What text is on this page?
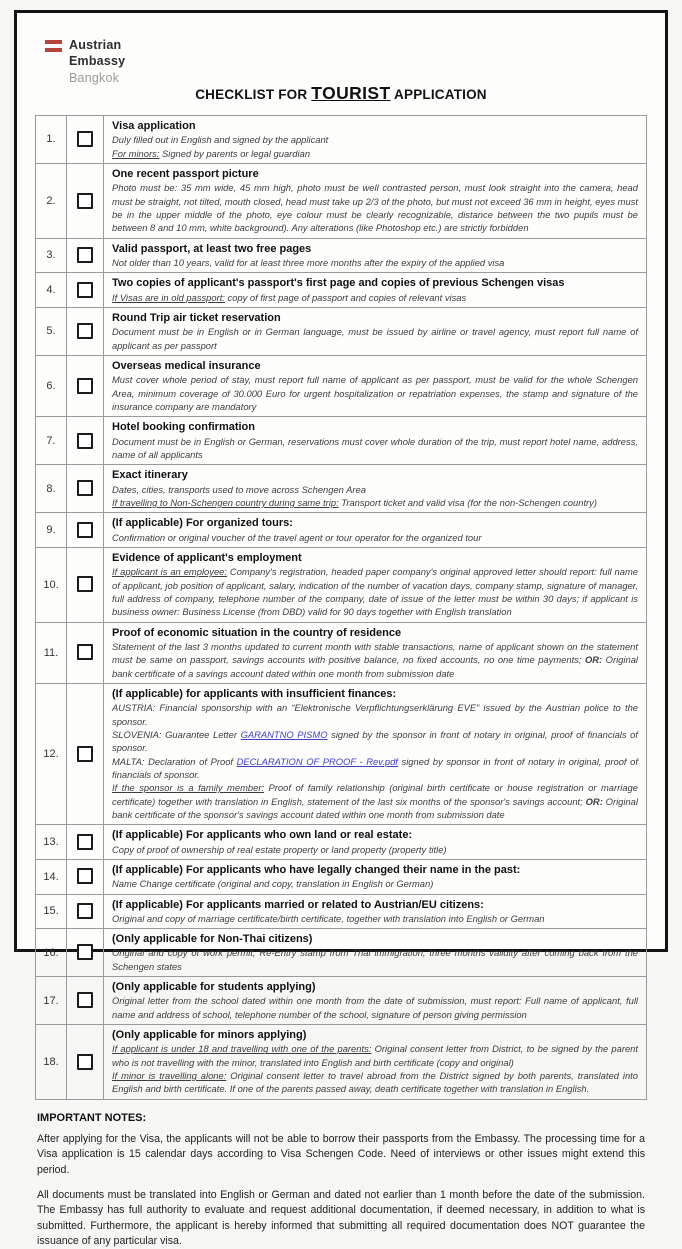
Austrian
Embassy
Bangkok
CHECKLIST FOR TOURIST APPLICATION
1.		Visa application
Duly filled out in English and signed by the applicant
For minors: Signed by parents or legal guardian

2.		One recent passport picture
Photo must be: 35 mm wide, 45 mm high, photo must be well contrasted person, must look straight into the camera, head must be straight, not tilted, mouth closed, head must take up 2/3 of the photo, but must not exceed 36 mm in height, eyes must be in the upper middle of the photo, eye colour must be clearly recognizable, distance between the two pupils must be between 8 and 10 mm, white background). Any alterations (like Photoshop etc.) are strictly forbidden

3.		Valid passport, at least two free pages
Not older than 10 years, valid for at least three more months after the expiry of the applied visa

4.		Two copies of applicant's passport's first page and copies of previous Schengen visas
If Visas are in old passport: copy of first page of passport and copies of relevant visas

5.		Round Trip air ticket reservation
Document must be in English or in German language, must be issued by airline or travel agency, must report full name of applicant as per passport

6.		Overseas medical insurance
Must cover whole period of stay, must report full name of applicant as per passport, must be valid for the whole Schengen Area, minimum coverage of 30.000 Euro for urgent hospitalization or repatriation expenses, the stamp and signature of the insurance company are mandatory

7.		Hotel booking confirmation
Document must be in English or German, reservations must cover whole duration of the trip, must report hotel name, address, name of all applicants

8.		Exact itinerary
Dates, cities, transports used to move across Schengen Area
If travelling to Non-Schengen country during same trip: Transport ticket and valid visa (for the non-Schengen country)

9.		(If applicable) For organized tours:
Confirmation or original voucher of the travel agent or tour operator for the organized tour

10.		Evidence of applicant's employment
If applicant is an employee: Company's registration, headed paper company's original approved letter should report: full name of applicant, job position of applicant, salary, indication of the number of vacation days, company stamp, signature of manager, full address of company, telephone number of the company, date of issue of the letter must be within 30 days; if applicant is business owner: Business License (from DBD) valid for 90 days together with English translation

11.		Proof of economic situation in the country of residence
Statement of the last 3 months updated to current month with stable transactions, name of applicant shown on the statement must be same on passport, savings accounts with positive balance, no fixed accounts, no one time payments; OR: Original bank certificate of a savings account dated within one month from submission date

12.		(If applicable) for applicants with insufficient finances:
AUSTRIA: Financial sponsorship with an “Elektronische Verpflichtungserklärung EVE” issued by the Austrian police to the sponsor.
SLOVENIA: Guarantee Letter GARANTNO PISMO signed by the sponsor in front of notary in original, proof of financials of sponsor.
MALTA: Declaration of Proof DECLARATION OF PROOF - Rev.pdf signed by sponsor in front of notary in original, proof of financials of sponsor.
If the sponsor is a family member: Proof of family relationship (original birth certificate or house registration or marriage certificate) together with translation in English, statement of the last six months of the sponsor's savings account; OR: Original bank certificate of the sponsor's savings account dated within one month from submission date

13.		(If applicable) For applicants who own land or real estate:
Copy of proof of ownership of real estate property or land property (property title)

14.		(If applicable) For applicants who have legally changed their name in the past:
Name Change certificate (original and copy, translation in English or German)

15.		(If applicable) For applicants married or related to Austrian/EU citizens:
Original and copy of marriage certificate/birth certificate, together with translation into English or German

16.		(Only applicable for Non-Thai citizens)
Original and copy of work permit, Re-Entry stamp from Thai immigration, three months validity after coming back from the Schengen states

17.		(Only applicable for students applying)
Original letter from the school dated within one month from the date of submission, must report: Full name of applicant, full name and address of school, telephone number of the school, signature of person giving permission

18.		(Only applicable for minors applying)
If applicant is under 18 and travelling with one of the parents: Original consent letter from District, to be signed by the parent who is not travelling with the minor, translated into English and birth certificate (copy and original)
If minor is travelling alone: Original consent letter to travel abroad from the District signed by both parents, translated into English and birth certificate. If one of the parents passed away, death certificate together with translation in English.
IMPORTANT NOTES:

After applying for the Visa, the applicants will not be able to borrow their passports from the Embassy. The processing time for a Visa application is 15 calendar days according to Visa Schengen Code. Need of interviews or other issues might extend this period.

All documents must be translated into English or German and dated not earlier than 1 month before the date of the submission. The Embassy has full authority to evaluate and request additional documentation, if deemed necessary, in addition to what is submitted. Furthermore, the applicant is hereby informed that submitting all required documentation does NOT guarantee the issuance of any particular visa.
